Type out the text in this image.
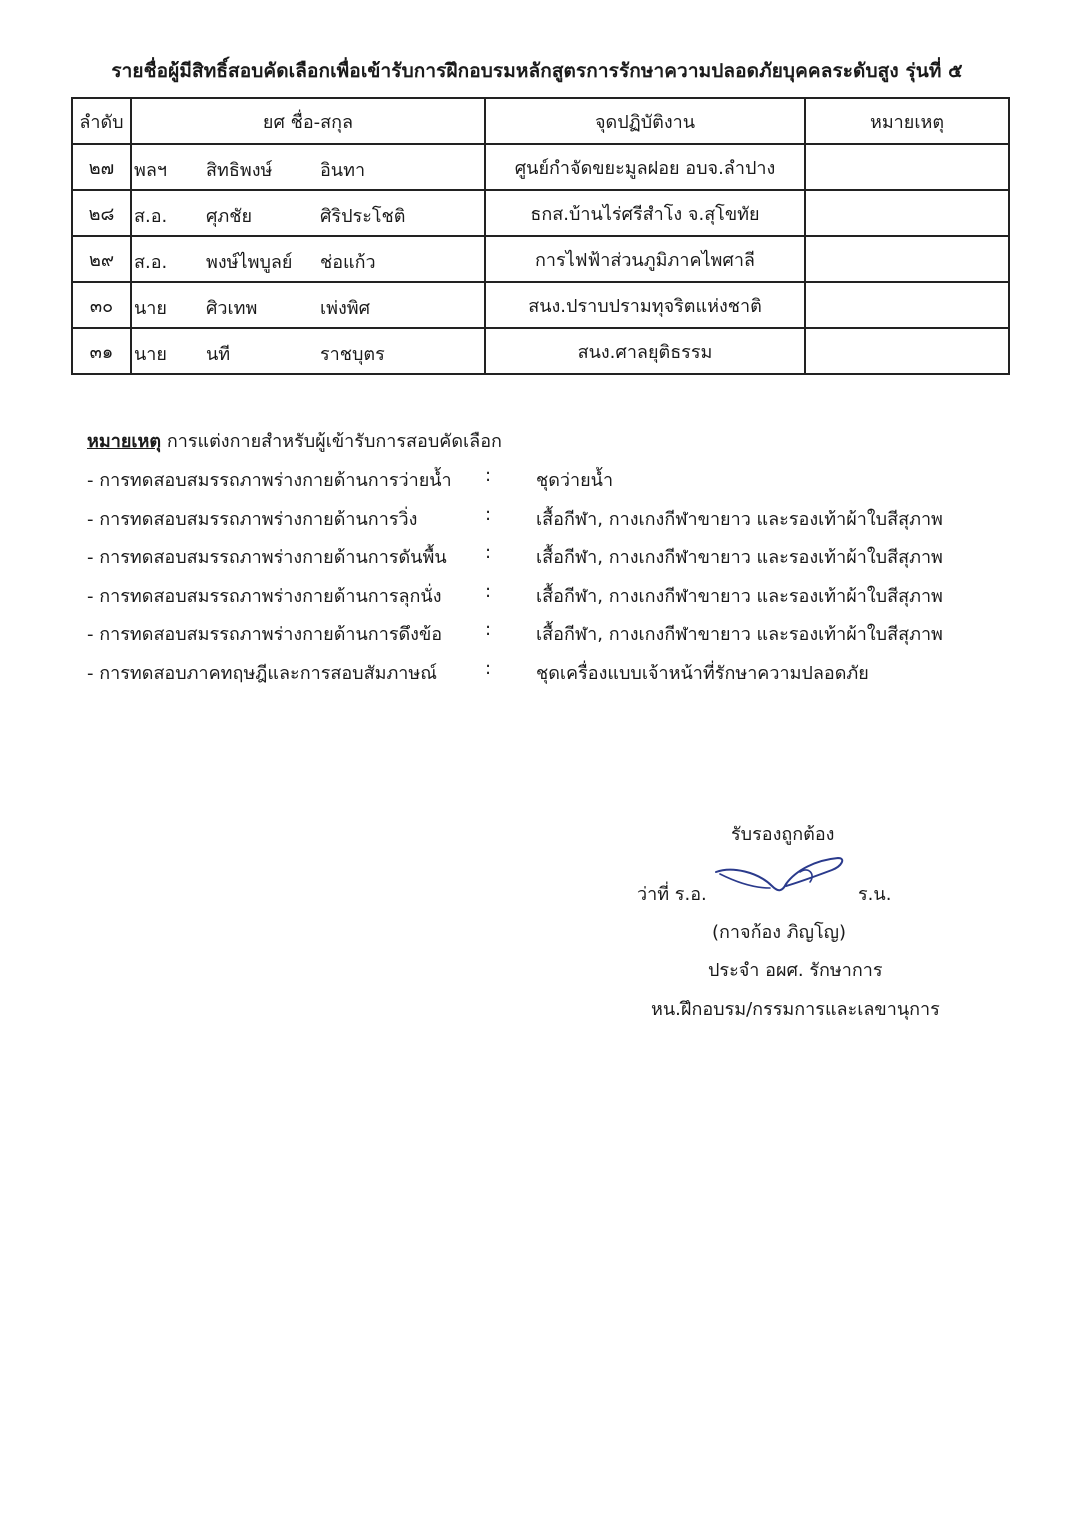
รายชื่อผู้มีสิทธิ์สอบคัดเลือกเพื่อเข้ารับการฝึกอบรมหลักสูตรการรักษาความปลอดภัยบุคคลระดับสูง รุ่นที่ ๕
ลำดับ	ยศ ชื่อ-สกุล	จุดปฏิบัติงาน	หมายเหตุ
๒๗	พลฯ สิทธิพงษ์ อินทา	ศูนย์กำจัดขยะมูลฝอย อบจ.ลำปาง	
๒๘	ส.อ. ศุภชัย ศิริประโชติ	ธกส.บ้านไร่ศรีสำโง จ.สุโขทัย	
๒๙	ส.อ. พงษ์ไพบูลย์ ช่อแก้ว	การไฟฟ้าส่วนภูมิภาคไพศาลี	
๓๐	นาย ศิวเทพ เพ่งพิศ	สนง.ปราบปรามทุจริตแห่งชาติ	
๓๑	นาย นที ราชบุตร	สนง.ศาลยุติธรรม	
หมายเหตุ การแต่งกายสำหรับผู้เข้ารับการสอบคัดเลือก
- การทดสอบสมรรถภาพร่างกายด้านการว่ายน้ำ : ชุดว่ายน้ำ
- การทดสอบสมรรถภาพร่างกายด้านการวิ่ง	: เสื้อกีฬา, กางเกงกีฬาขายาว และรองเท้าผ้าใบสีสุภาพ
- การทดสอบสมรรถภาพร่างกายด้านการดันพื้น : เสื้อกีฬา, กางเกงกีฬาขายาว และรองเท้าผ้าใบสีสุภาพ
- การทดสอบสมรรถภาพร่างกายด้านการลุกนั่ง : เสื้อกีฬา, กางเกงกีฬาขายาว และรองเท้าผ้าใบสีสุภาพ
- การทดสอบสมรรถภาพร่างกายด้านการดึงข้อ : เสื้อกีฬา, กางเกงกีฬาขายาว และรองเท้าผ้าใบสีสุภาพ
- การทดสอบภาคทฤษฎีและการสอบสัมภาษณ์	: ชุดเครื่องแบบเจ้าหน้าที่รักษาความปลอดภัย
รับรองถูกต้อง
ว่าที่ ร.อ.	ร.น.
(กาจก้อง ภิญโญ)
ประจำ อผศ. รักษาการ
หน.ฝึกอบรม/กรรมการและเลขานุการ
